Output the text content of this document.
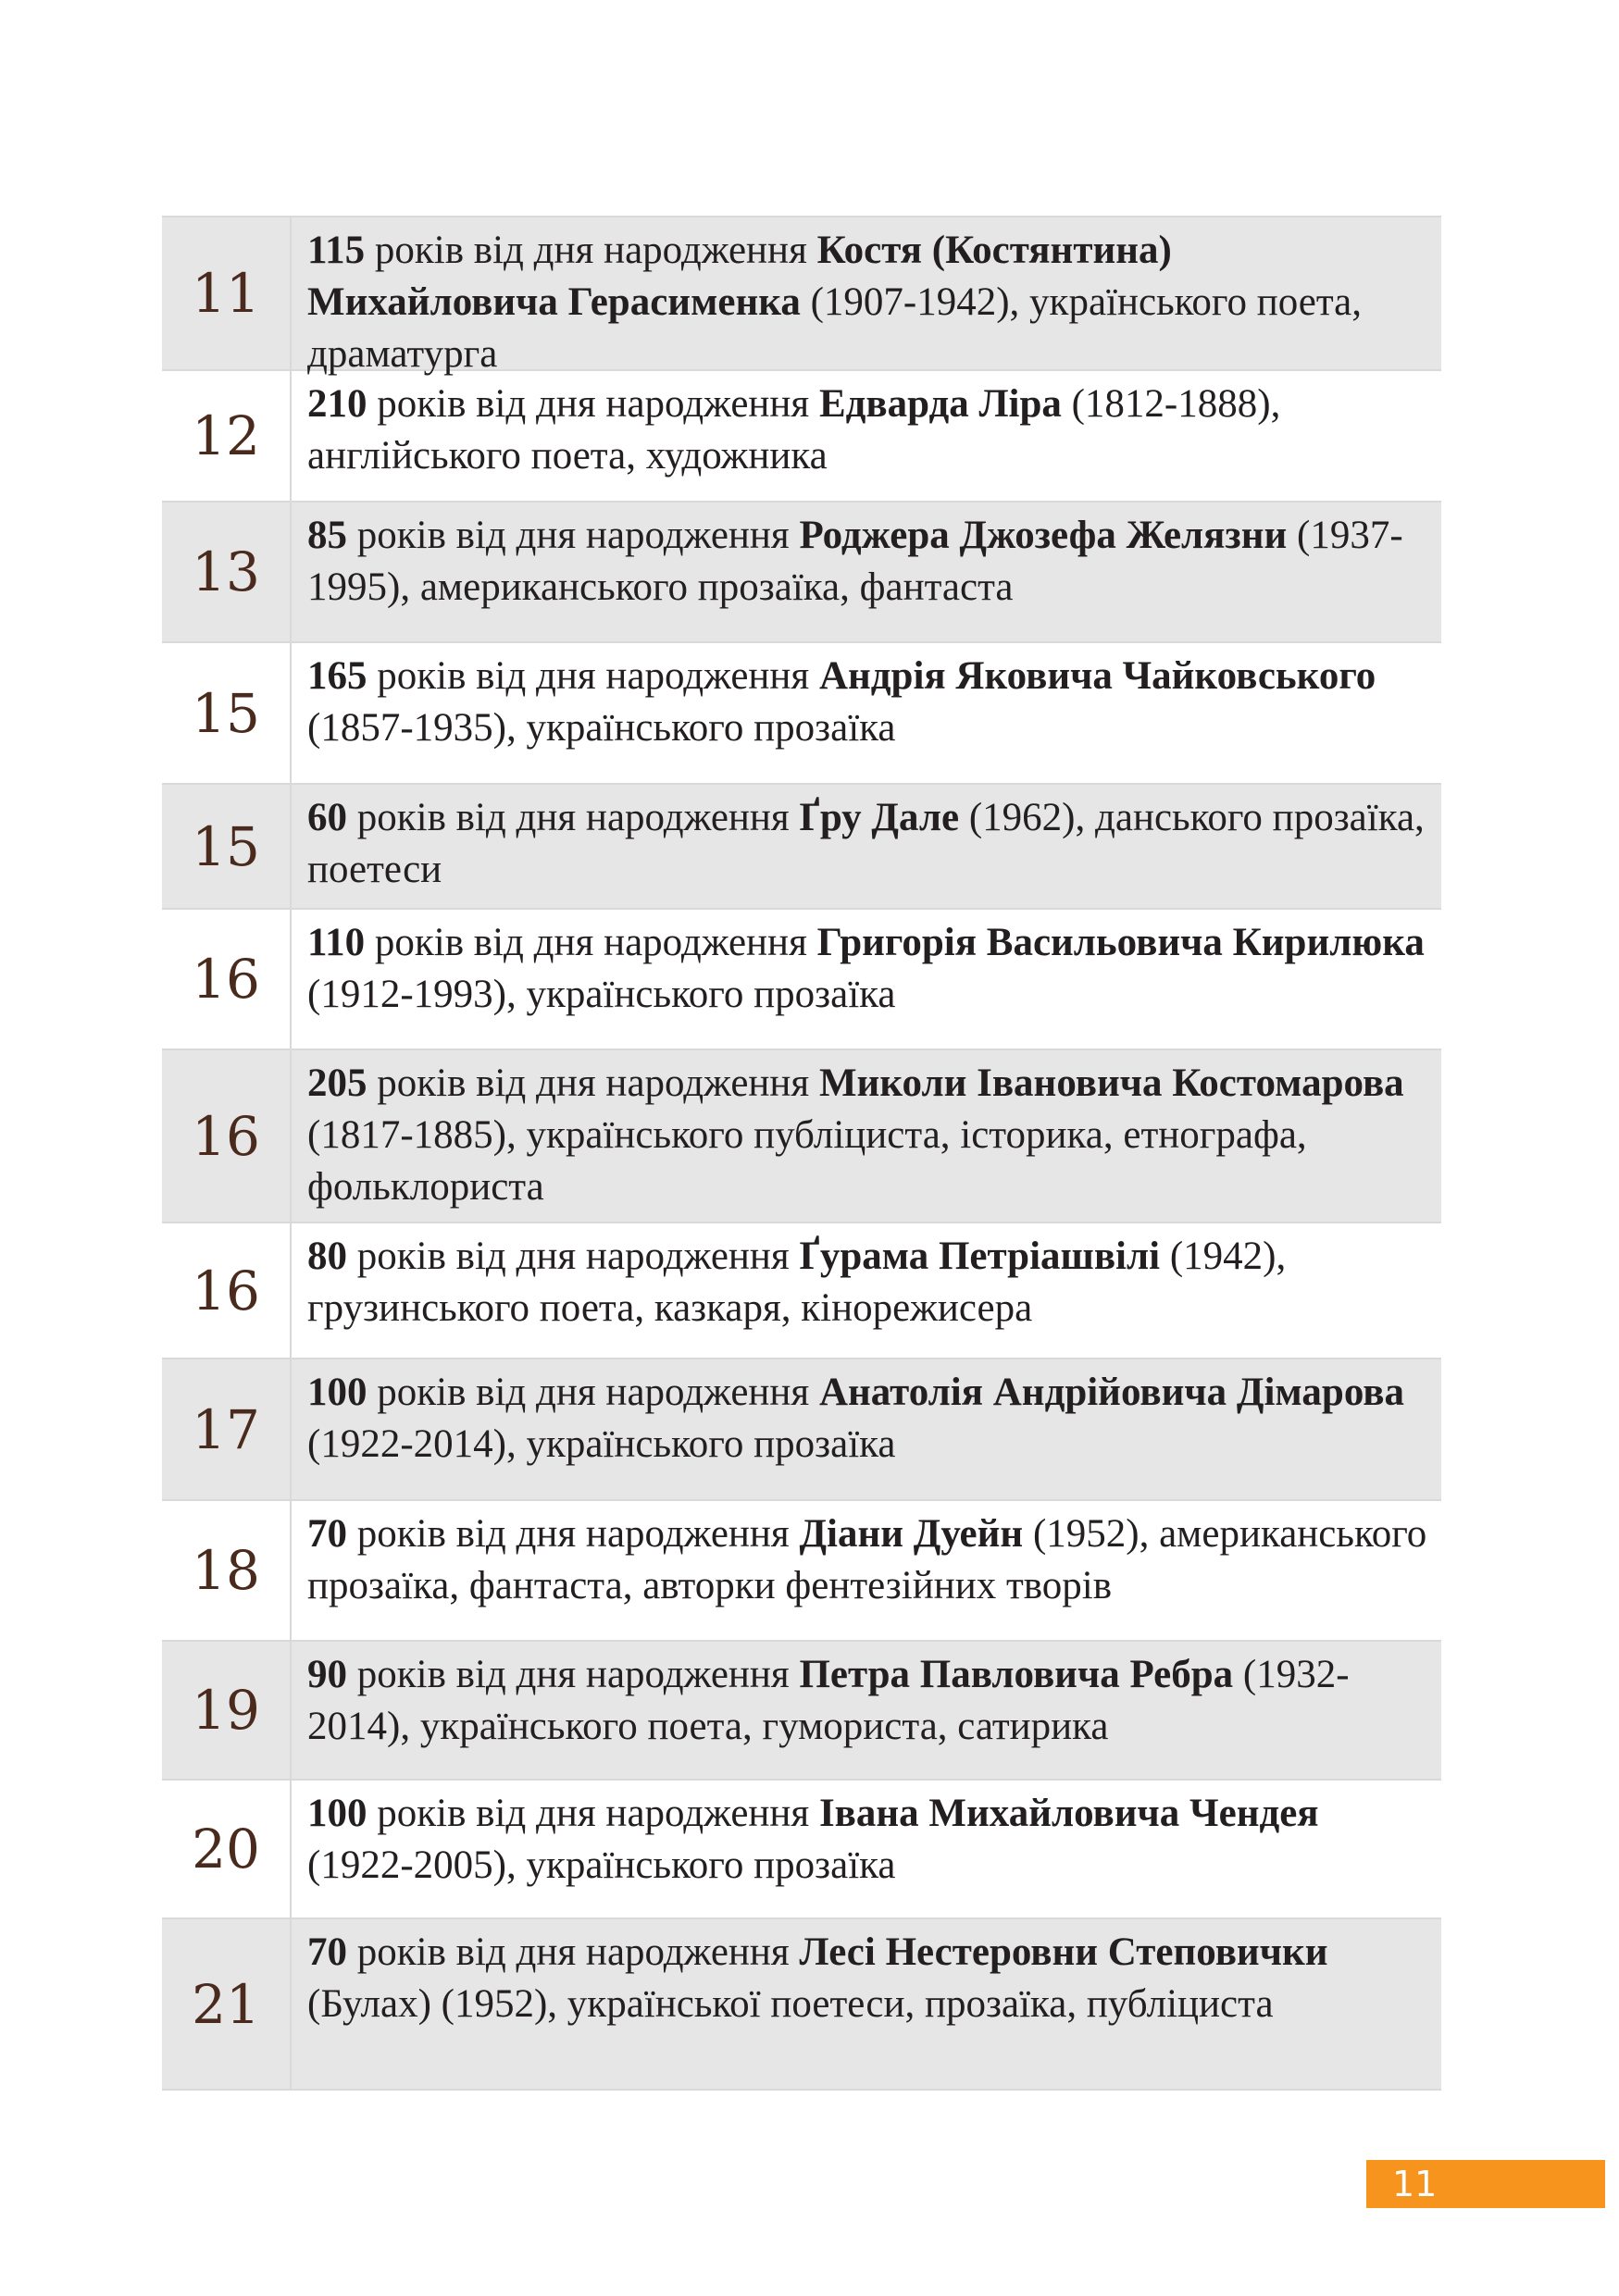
11
115 років від дня народження Костя (Костянтина) Михайловича Герасименка (1907-1942), українського поета, драматурга
12
210 років від дня народження Едварда Ліра (1812-1888), англійського поета, художника
13
85 років від дня народження Роджера Джозефа Желязни (1937-1995), американського прозаїка, фантаста
15
165 років від дня народження Андрія Яковича Чайковського (1857-1935), українського прозаїка
15	60 років від дня народження Ґру Дале (1962), данського прозаїка, поетеси
16
110 років від дня народження Григорія Васильовича Кирилюка (1912-1993), українського прозаїка
16
205 років від дня народження Миколи Івановича Костомарова (1817-1885), українського публіциста, історика, етнографа, фольклориста
16
80 років від дня народження Ґурама Петріашвілі (1942), грузинського поета, казкаря, кінорежисера
17
100 років від дня народження Анатолія Андрійовича Дімарова (1922-2014), українського прозаїка
18
70 років від дня народження Діани Дуейн (1952), американського прозаїка, фантаста, авторки фентезійних творів
19
90 років від дня народження Петра Павловича Ребра (1932-2014), українського поета, гумориста, сатирика
20
100 років від дня народження Івана Михайловича Чендея (1922-2005), українського прозаїка
21
70 років від дня народження Лесі Нестеровни Степовички (Булах) (1952), української поетеси, прозаїка, публіциста
11
